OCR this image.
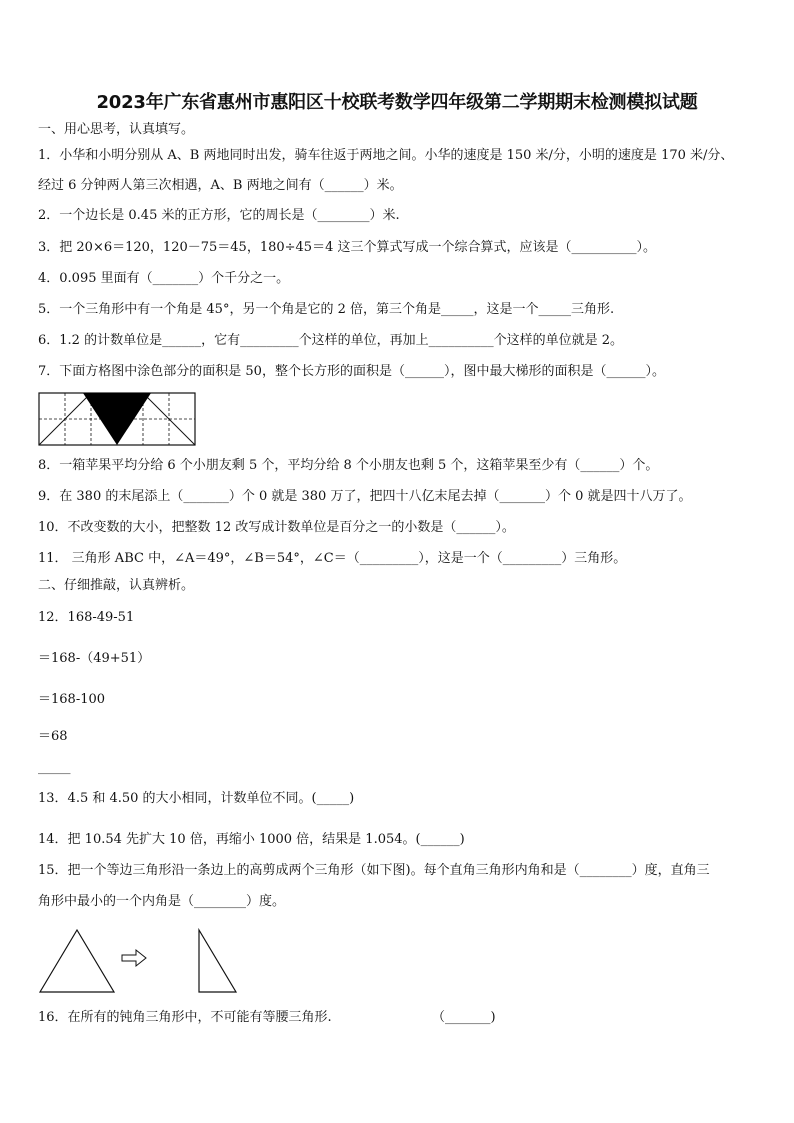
2023年广东省惠州市惠阳区十校联考数学四年级第二学期期末检测模拟试题
一、用心思考，认真填写。
1．小华和小明分别从 A、B 两地同时出发，骑车往返于两地之间。小华的速度是 150 米/分，小明的速度是 170 米/分、
经过 6 分钟两人第三次相遇，A、B 两地之间有（______）米。
2．一个边长是 0.45 米的正方形，它的周长是（________）米.
3．把 20×6＝120，120－75＝45，180÷45＝4 这三个算式写成一个综合算式，应该是（__________）。
4．0.095 里面有（_______）个千分之一。
5．一个三角形中有一个角是 45°，另一个角是它的 2 倍，第三个角是_____，这是一个_____三角形.
6．1.2 的计数单位是______，它有_________个这样的单位，再加上__________个这样的单位就是 2。
7．下面方格图中涂色部分的面积是 50，整个长方形的面积是（______），图中最大梯形的面积是（______）。
8．一箱苹果平均分给 6 个小朋友剩 5 个，平均分给 8 个小朋友也剩 5 个，这箱苹果至少有（______）个。
9．在 380 的末尾添上（_______）个 0 就是 380 万了，把四十八亿末尾去掉（_______）个 0 就是四十八万了。
10．不改变数的大小，把整数 12 改写成计数单位是百分之一的小数是（______）。
11． 三角形 ABC 中，∠A＝49°，∠B＝54°，∠C＝（_________），这是一个（_________）三角形。
二、仔细推敲，认真辨析。
12．168-49-51
＝168-（49+51）
＝168-100
＝68
_____
13．4.5 和 4.50 的大小相同，计数单位不同。(_____)
14．把 10.54 先扩大 10 倍，再缩小 1000 倍，结果是 1.054。(______)
15．把一个等边三角形沿一条边上的高剪成两个三角形（如下图)。每个直角三角形内角和是（________）度，直角三
角形中最小的一个内角是（________）度。
16．在所有的钝角三角形中，不可能有等腰三角形.	（_______)
